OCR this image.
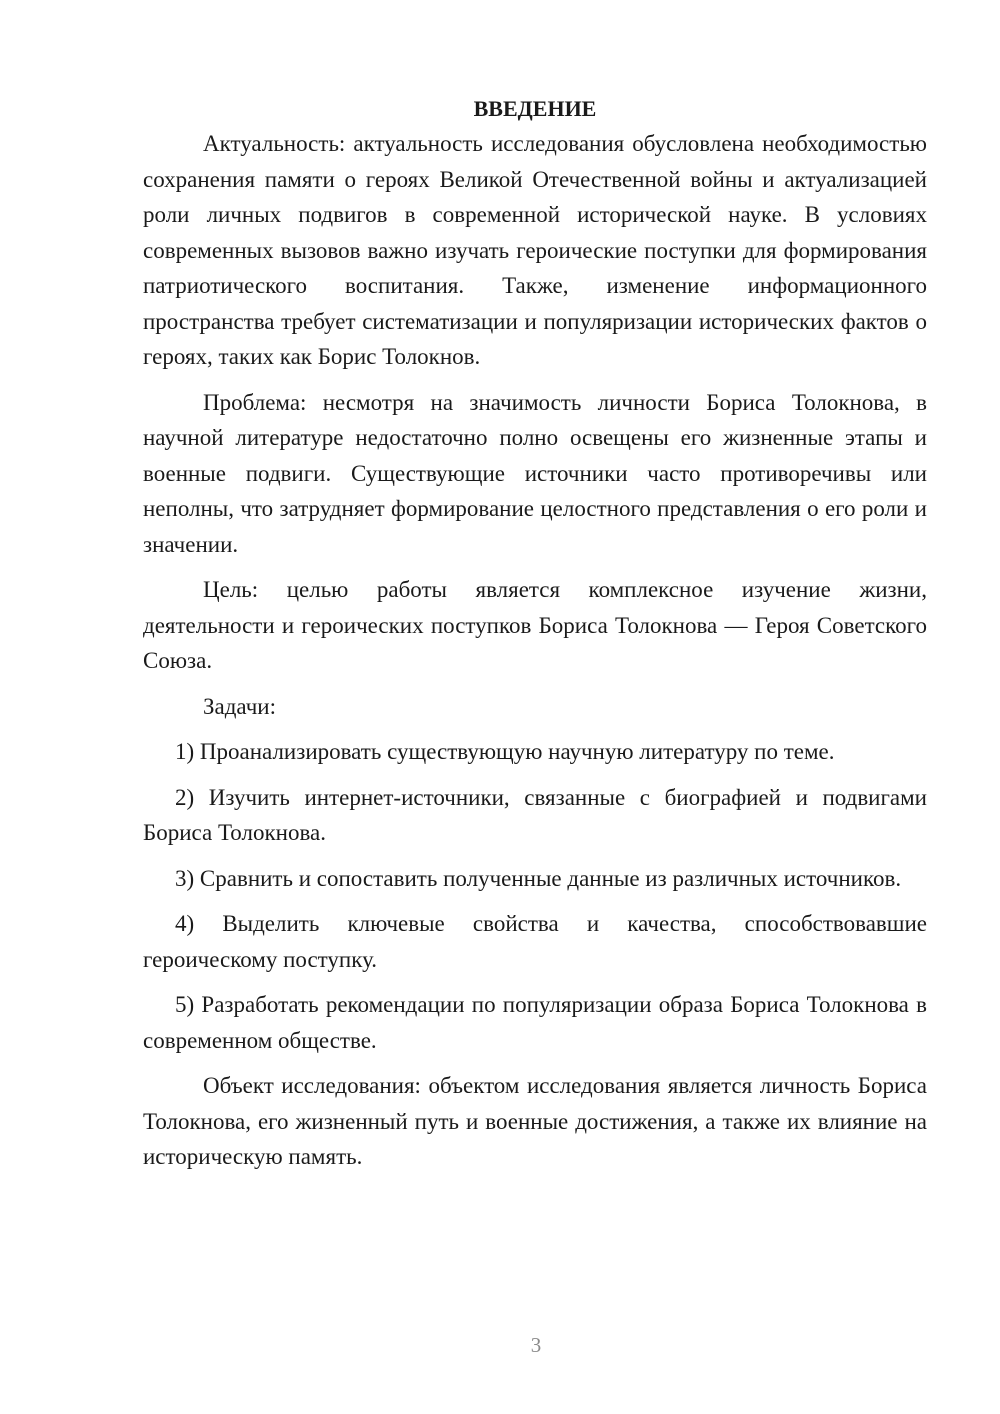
ВВЕДЕНИЕ

Актуальность: актуальность исследования обусловлена необходимостью сохранения памяти о героях Великой Отечественной войны и актуализацией роли личных подвигов в современной исторической науке. В условиях современных вызовов важно изучать героические поступки для формирования патриотического воспитания. Также, изменение информационного пространства требует систематизации и популяризации исторических фактов о героях, таких как Борис Толокнов.

Проблема: несмотря на значимость личности Бориса Толокнова, в научной литературе недостаточно полно освещены его жизненные этапы и военные подвиги. Существующие источники часто противоречивы или неполны, что затрудняет формирование целостного представления о его роли и значении.

Цель: целью работы является комплексное изучение жизни, деятельности и героических поступков Бориса Толокнова — Героя Советского Союза.

Задачи:

1) Проанализировать существующую научную литературу по теме.

2) Изучить интернет-источники, связанные с биографией и подвигами Бориса Толокнова.

3) Сравнить и сопоставить полученные данные из различных источников.

4) Выделить ключевые свойства и качества, способствовавшие героическому поступку.

5) Разработать рекомендации по популяризации образа Бориса Толокнова в современном обществе.

Объект исследования: объектом исследования является личность Бориса Толокнова, его жизненный путь и военные достижения, а также их влияние на историческую память.

3
